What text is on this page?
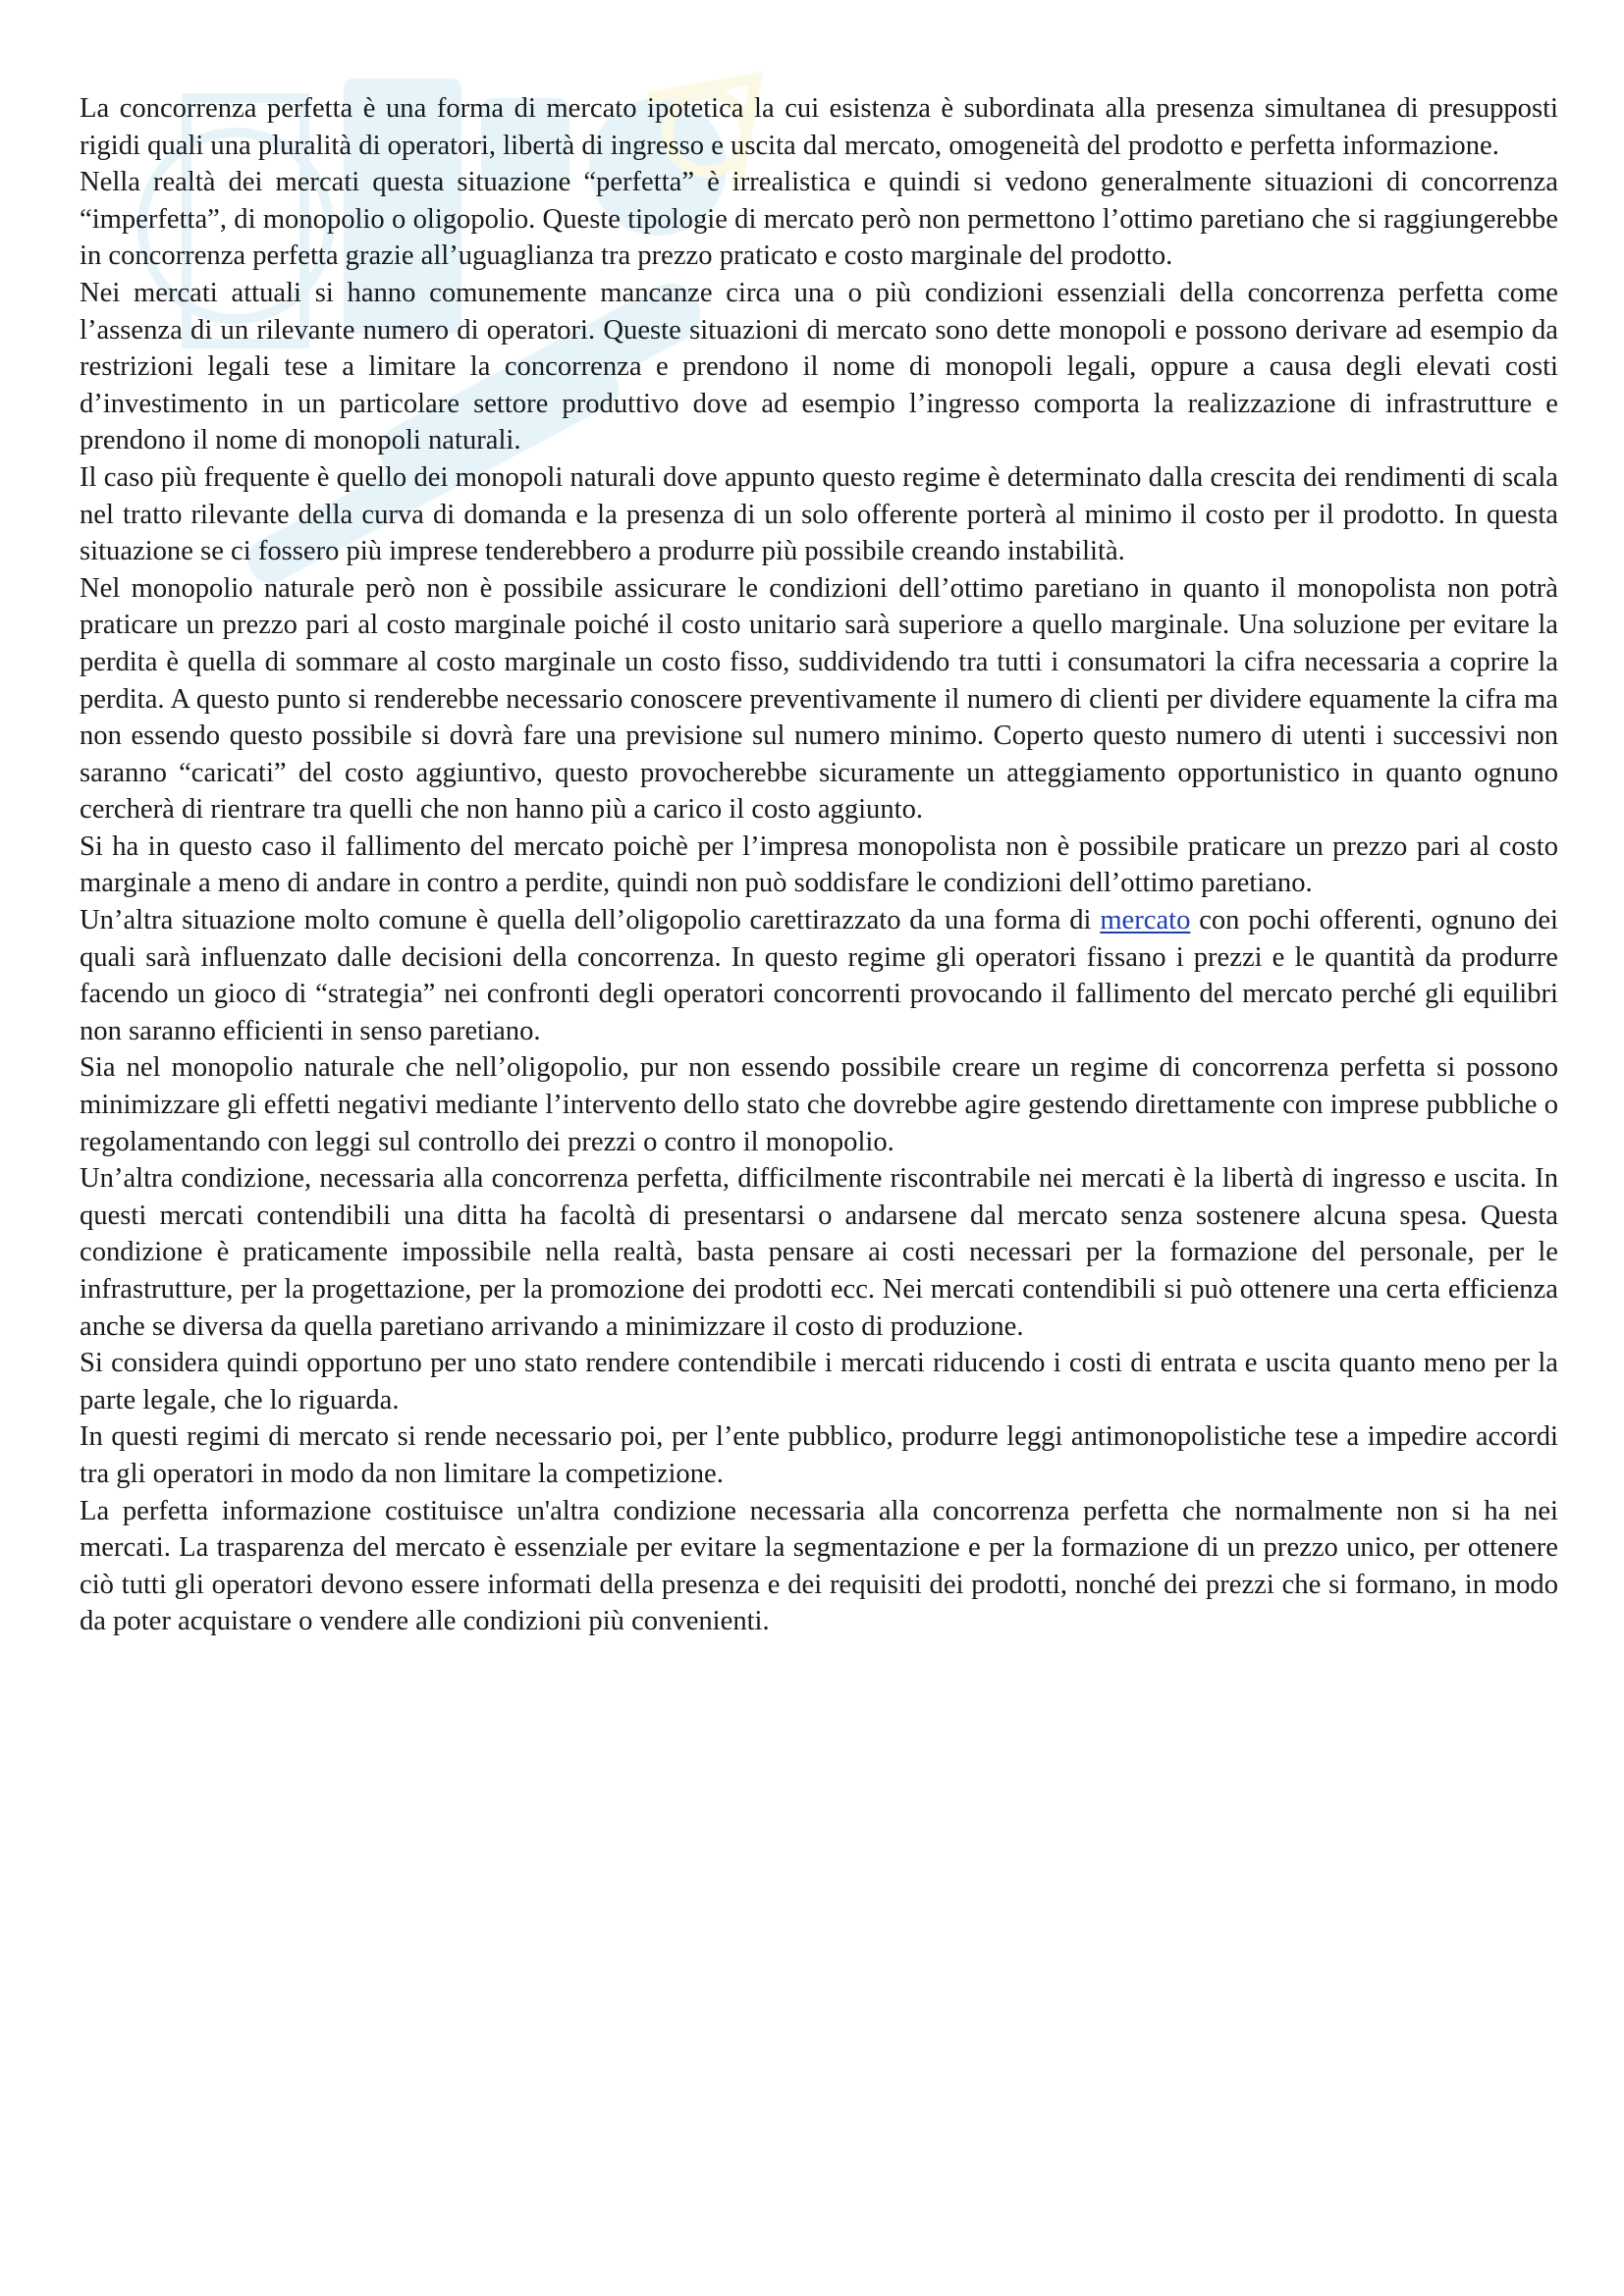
La concorrenza perfetta è una forma di mercato ipotetica la cui esistenza è subordinata alla presenza simultanea di presupposti rigidi quali una pluralità di operatori, libertà di ingresso e uscita dal mercato, omogeneità del prodotto e perfetta informazione.

Nella realtà dei mercati questa situazione “perfetta” è irrealistica e quindi si vedono generalmente situazioni di concorrenza “imperfetta”, di monopolio o oligopolio. Queste tipologie di mercato però non permettono l’ottimo paretiano che si raggiungerebbe in concorrenza perfetta grazie all’uguaglianza tra prezzo praticato e costo marginale del prodotto.

Nei mercati attuali si hanno comunemente mancanze circa una o più condizioni essenziali della concorrenza perfetta come l’assenza di un rilevante numero di operatori. Queste situazioni di mercato sono dette monopoli e possono derivare ad esempio da restrizioni legali tese a limitare la concorrenza e prendono il nome di monopoli legali, oppure a causa degli elevati costi d’investimento in un particolare settore produttivo dove ad esempio l’ingresso comporta la realizzazione di infrastrutture e prendono il nome di monopoli naturali.

Il caso più frequente è quello dei monopoli naturali dove appunto questo regime è determinato dalla crescita dei rendimenti di scala nel tratto rilevante della curva di domanda e la presenza di un solo offerente porterà al minimo il costo per il prodotto. In questa situazione se ci fossero più imprese tenderebbero a produrre più possibile creando instabilità.

Nel monopolio naturale però non è possibile assicurare le condizioni dell’ottimo paretiano in quanto il monopolista non potrà praticare un prezzo pari al costo marginale poiché il costo unitario sarà superiore a quello marginale. Una soluzione per evitare la perdita è quella di sommare al costo marginale un costo fisso, suddividendo tra tutti i consumatori la cifra necessaria a coprire la perdita. A questo punto si renderebbe necessario conoscere preventivamente il numero di clienti per dividere equamente la cifra ma non essendo questo possibile si dovrà fare una previsione sul numero minimo. Coperto questo numero di utenti i successivi non saranno “caricati” del costo aggiuntivo, questo provocherebbe sicuramente un atteggiamento opportunistico in quanto ognuno cercherà di rientrare tra quelli che non hanno più a carico il costo aggiunto.

Si ha in questo caso il fallimento del mercato poichè per l’impresa monopolista non è possibile praticare un prezzo pari al costo marginale a meno di andare in contro a perdite, quindi non può soddisfare le condizioni dell’ottimo paretiano.

Un’altra situazione molto comune è quella dell’oligopolio carettirazzato da una forma di mercato con pochi offerenti, ognuno dei quali sarà influenzato dalle decisioni della concorrenza. In questo regime gli operatori fissano i prezzi e le quantità da produrre facendo un gioco di “strategia” nei confronti degli operatori concorrenti provocando il fallimento del mercato perché gli equilibri non saranno efficienti in senso paretiano.

Sia nel monopolio naturale che nell’oligopolio, pur non essendo possibile creare un regime di concorrenza perfetta si possono minimizzare gli effetti negativi mediante l’intervento dello stato che dovrebbe agire gestendo direttamente con imprese pubbliche o regolamentando con leggi sul controllo dei prezzi o contro il monopolio.

Un’altra condizione, necessaria alla concorrenza perfetta, difficilmente riscontrabile nei mercati è la libertà di ingresso e uscita. In questi mercati contendibili una ditta ha facoltà di presentarsi o andarsene dal mercato senza sostenere alcuna spesa. Questa condizione è praticamente impossibile nella realtà, basta pensare ai costi necessari per la formazione del personale, per le infrastrutture, per la progettazione, per la promozione dei prodotti ecc. Nei mercati contendibili si può ottenere una certa efficienza anche se diversa da quella paretiano arrivando a minimizzare il costo di produzione.

Si considera quindi opportuno per uno stato rendere contendibile i mercati riducendo i costi di entrata e uscita quanto meno per la parte legale, che lo riguarda.

In questi regimi di mercato si rende necessario poi, per l’ente pubblico, produrre leggi antimonopolistiche tese a impedire accordi tra gli operatori in modo da non limitare la competizione.

La perfetta informazione costituisce un'altra condizione necessaria alla concorrenza perfetta che normalmente non si ha nei mercati. La trasparenza del mercato è essenziale per evitare la segmentazione e per la formazione di un prezzo unico, per ottenere ciò tutti gli operatori devono essere informati della presenza e dei requisiti dei prodotti, nonché dei prezzi che si formano, in modo da poter acquistare o vendere alle condizioni più convenienti.
